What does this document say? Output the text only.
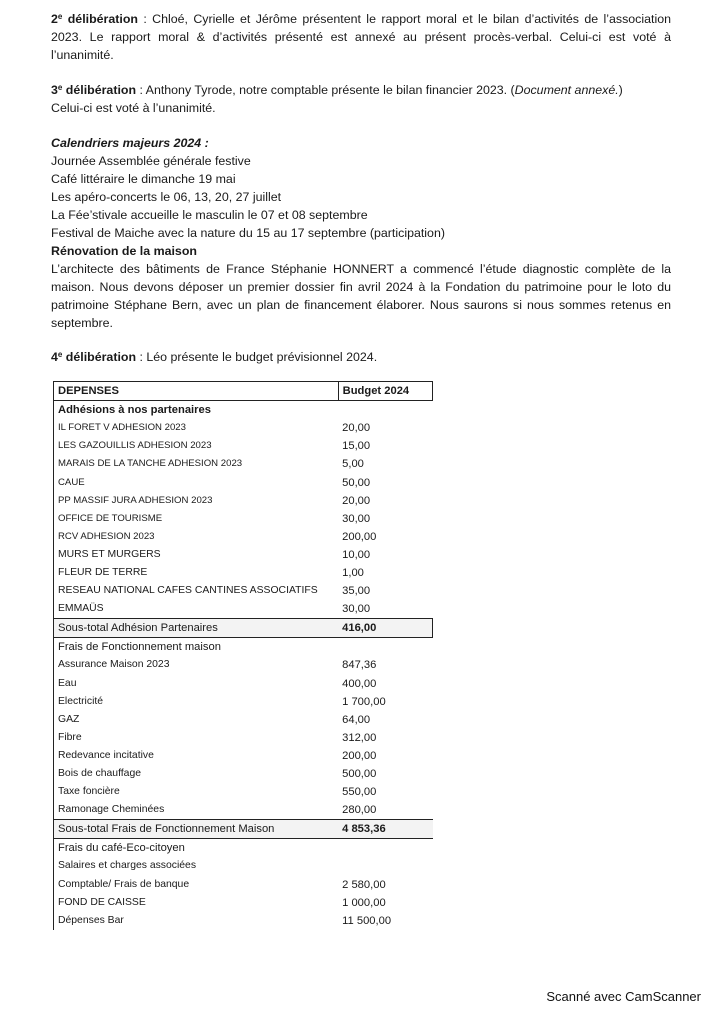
2e délibération : Chloé, Cyrielle et Jérôme présentent le rapport moral et le bilan d’activités de l’association 2023. Le rapport moral & d’activités présenté est annexé au présent procès-verbal. Celui-ci est voté à l’unanimité.

3e délibération : Anthony Tyrode, notre comptable présente le bilan financier 2023. (Document annexé.)

Celui-ci est voté à l’unanimité.

Calendriers majeurs 2024 :

Journée Assemblée générale festive

Café littéraire le dimanche 19 mai

Les apéro-concerts le 06, 13, 20, 27 juillet

La Fée’stivale accueille le masculin le 07 et 08 septembre

Festival de Maiche avec la nature du 15 au 17 septembre (participation)

Rénovation de la maison

L’architecte des bâtiments de France Stéphanie HONNERT a commencé l’étude diagnostic complète de la maison. Nous devons déposer un premier dossier fin avril 2024 à la Fondation du patrimoine pour le loto du patrimoine Stéphane Bern, avec un plan de financement élaborer. Nous saurons si nous sommes retenus en septembre.

4e délibération : Léo présente le budget prévisionnel 2024.

DEPENSES	Budget 2024
Adhésions à nos partenaires	
IL FORET V ADHESION 2023	20,00
LES GAZOUILLIS ADHESION 2023	15,00
MARAIS DE LA TANCHE ADHESION 2023	5,00
CAUE	50,00
PP MASSIF JURA ADHESION 2023	20,00
OFFICE DE TOURISME	30,00
RCV ADHESION 2023	200,00
MURS ET MURGERS	10,00
FLEUR DE TERRE	1,00
RESEAU NATIONAL CAFES CANTINES ASSOCIATIFS	35,00
EMMAÜS	30,00
Sous-total Adhésion Partenaires	416,00
Frais de Fonctionnement maison	
Assurance Maison 2023	847,36
Eau	400,00
Electricité	1 700,00
GAZ	64,00
Fibre	312,00
Redevance incitative	200,00
Bois de chauffage	500,00
Taxe foncière	550,00
Ramonage Cheminées	280,00
Sous-total Frais de Fonctionnement Maison	4 853,36
Frais du café-Eco-citoyen	
Salaires et charges associées	
Comptable/ Frais de banque	2 580,00
FOND DE CAISSE	1 000,00
Dépenses Bar	11 500,00
Scanné avec CamScanner
